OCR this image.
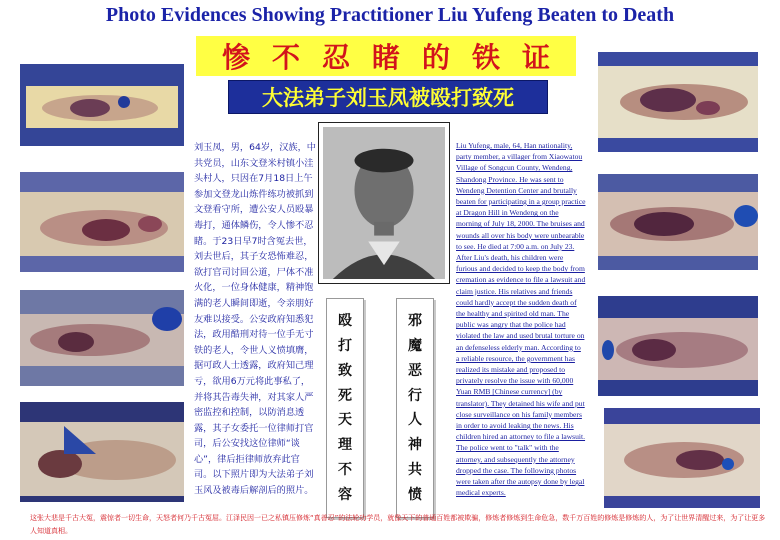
Photo Evidences Showing Practitioner Liu Yufeng Beaten to Death
惨不忍睹的铁证
大法弟子刘玉凤被殴打致死
刘玉凤，男，64岁，汉族，中共党员，山东文登米村镇小洼头村人，只因在7月18日上午参加文登龙山炼件练功被抓到文登看守所，遭公安人员殴暴毒打，通体鳞伤，令人惨不忍睹。于23日早7时含冤去世，刘去世后，其子女恐怖难忍，欲打官司讨回公道，尸体不准火化，一位身体健康，精神饱满的老人瞬间即逝，令亲朋好友难以接受。公安政府知悉犯法，政用酷刑对待一位手无寸铁的老人，令世人义愤填膺，据可政人士透露，政府知己理亏，欲用6万元将此事私了，并将其告毒失神，对其家人严密监控和控制，以防消息透露，其子女委托一位律师打官司，后公安找这位律师“谈心”，律后拒律师放弃此官司。以下照片即为大法弟子刘玉风及被毒后解剖后的照片。
Liu Yufeng, male, 64, Han nationality, party member, a villager from Xiaowatou Village of Songcun County, Wendeng, Shandong Province. He was sent to Wendeng Detention Center and brutally beaten for participating in a group practice at Dragon Hill in Wendeng on the morning of July 18, 2000. The bruises and wounds all over his body were unbearable to see. He died at 7:00 a.m. on July 23. After Liu's death, his children were furious and decided to keep the body from cremation as evidence to file a lawsuit and claim justice. His relatives and friends could hardly accept the sudden death of the healthy and spirited old man. The public was angry that the police had violated the law and used brutal torture on an defenseless elderly man. According to a reliable resource, the government has realized its mistake and proposed to privately resolve the issue with 60,000 Yuan RMB [Chinese currency] (by translator). They detained his wife and put close surveillance on his family members in order to avoid leaking the news. His children hired an attorney to file a lawsuit. The police went to "talk" with the attorney, and subsequently the attorney dropped the case. The following photos were taken after the autopsy done by legal medical experts.
殴
打
致
死
天
理
不
容
邪
魔
恶
行
人
神
共
愤
这张大悲是千古大冤，震惊者一切生命，天怒者何乃千古冤屈。江泽民因一已之私镇压修炼“真善忍”的法轮功学员，就像天下的普通百姓都被欺骗，修炼者修炼到生命危急，数千万百姓的修炼是修炼的人，为了让世界清醒过来，为了让更多人知道真相。
